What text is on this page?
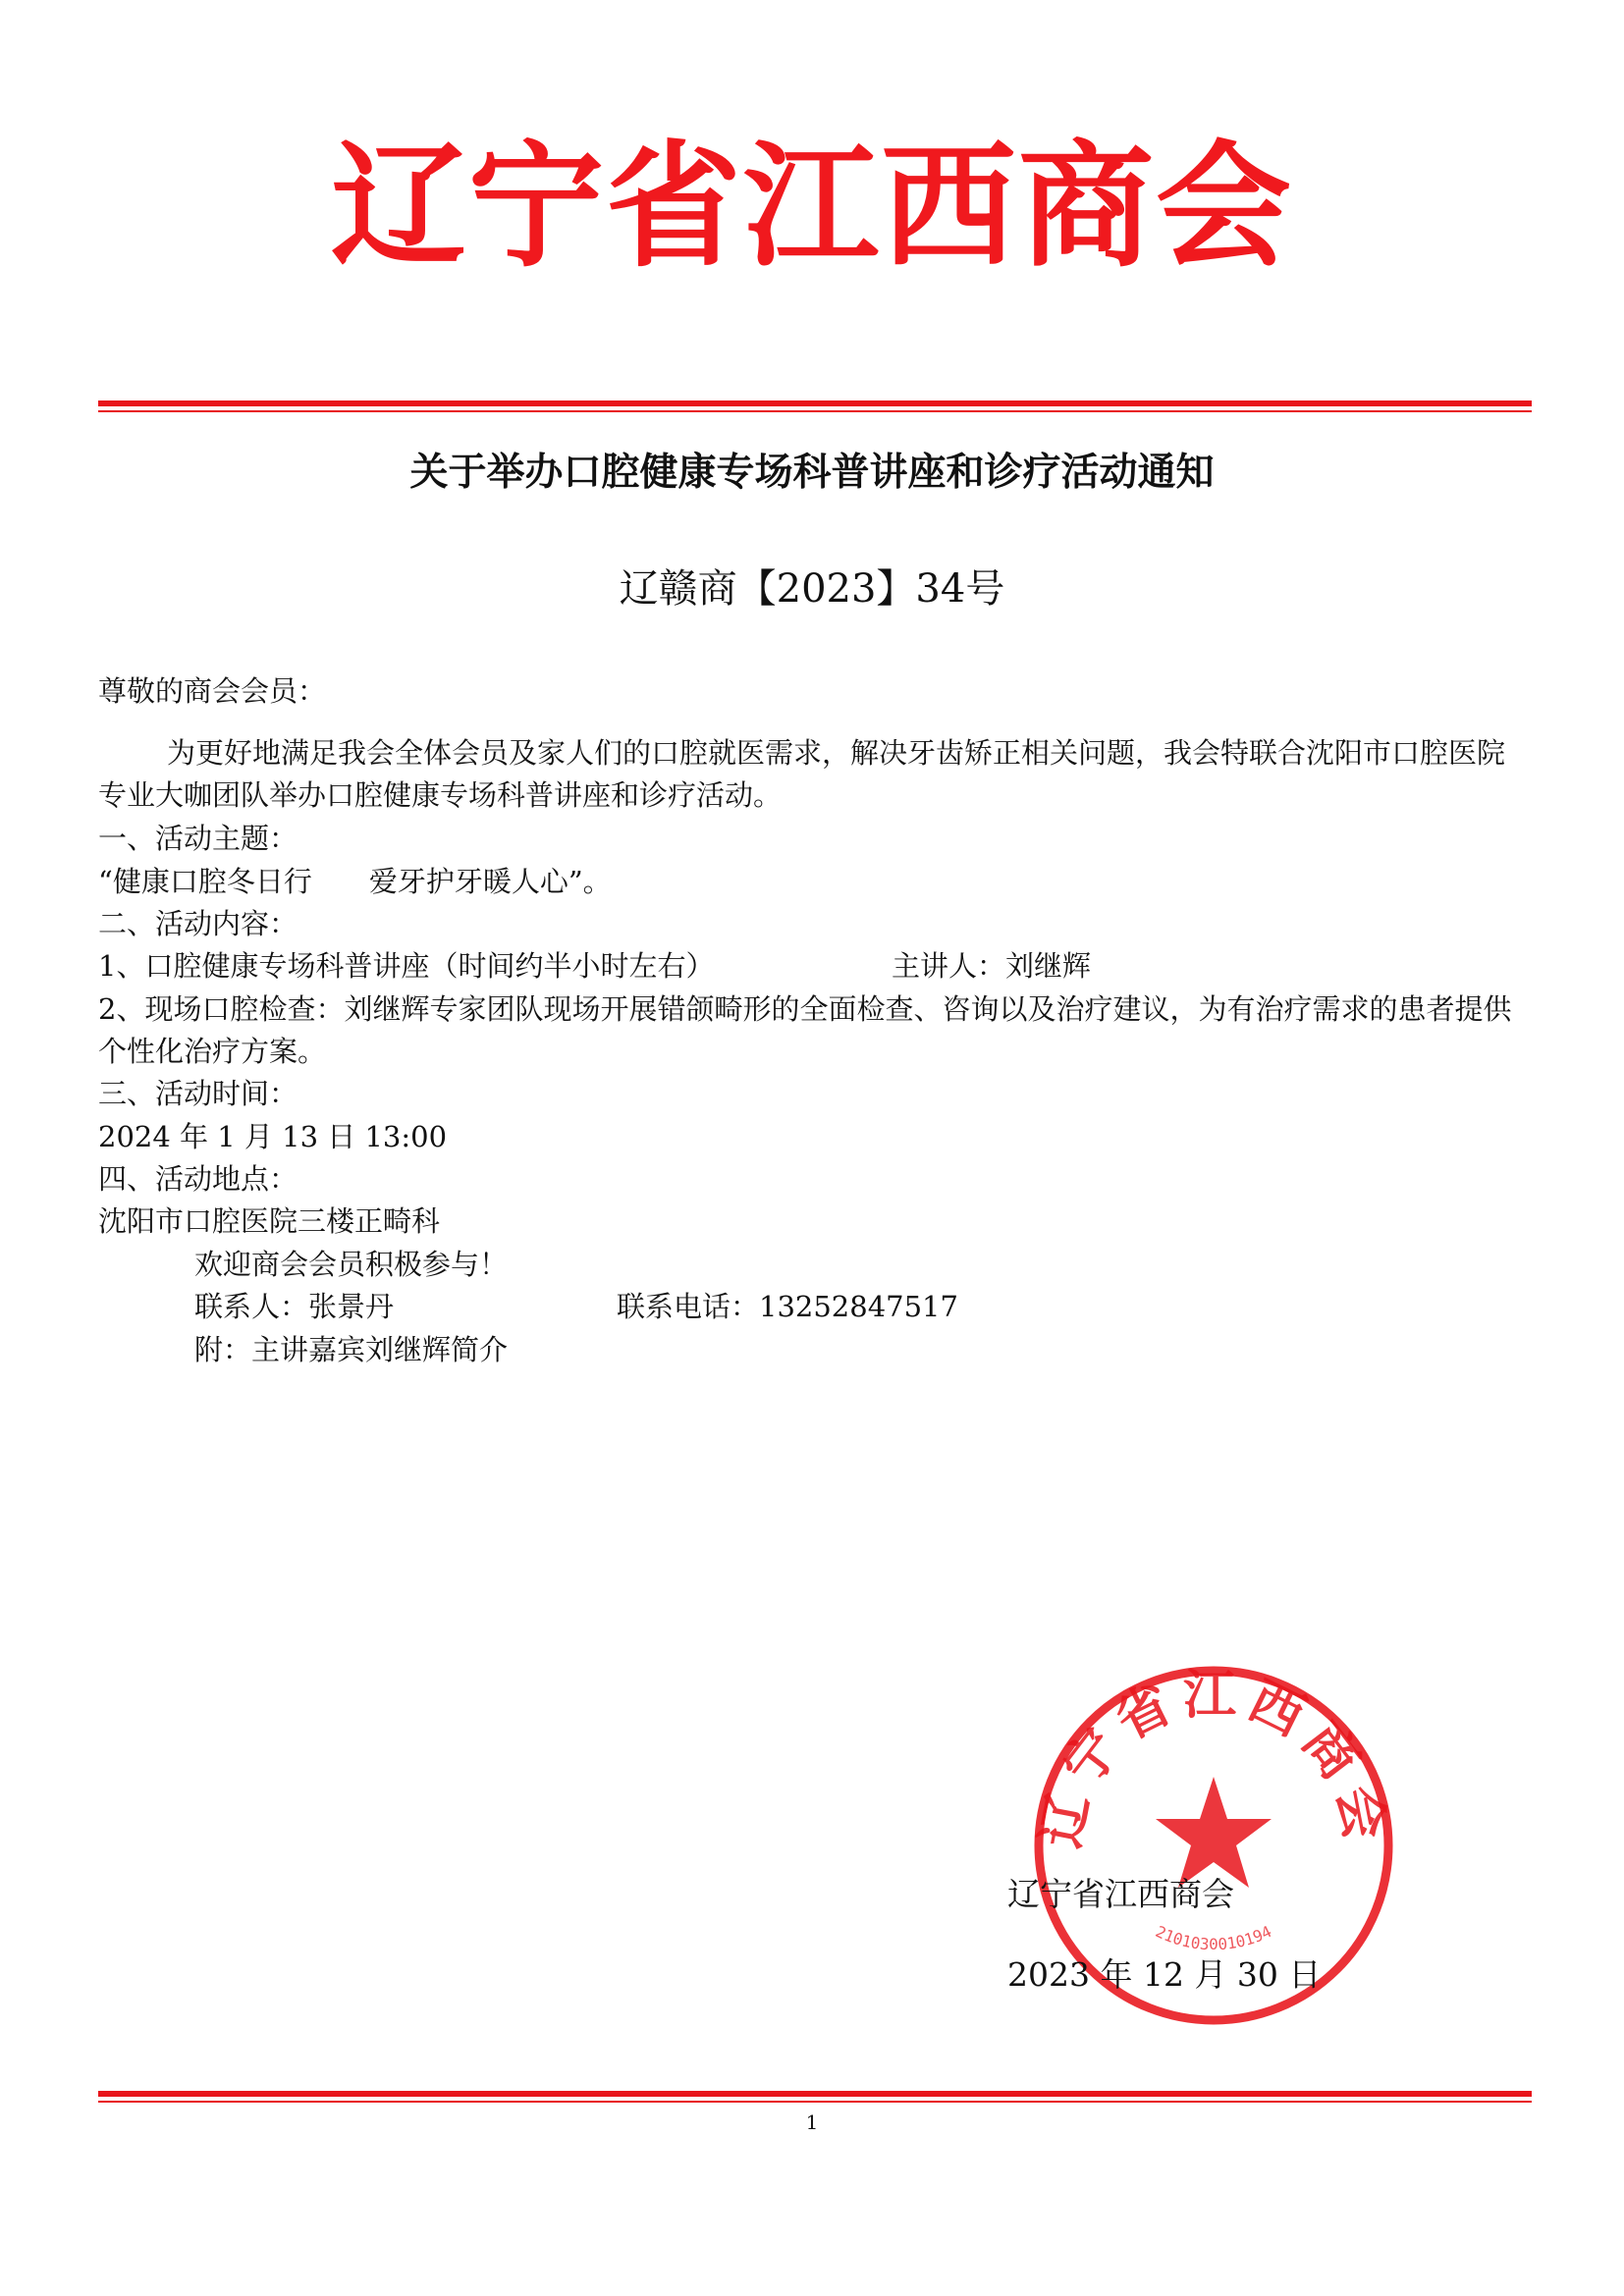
辽宁省江西商会
关于举办口腔健康专场科普讲座和诊疗活动通知
辽赣商【2023】34号
尊敬的商会会员：
为更好地满足我会全体会员及家人们的口腔就医需求，解决牙齿矫正相关问题，我会特联合沈阳市口腔医院专业大咖团队举办口腔健康专场科普讲座和诊疗活动。
一、活动主题：
“健康口腔冬日行　　爱牙护牙暖人心”。
二、活动内容：
1、口腔健康专场科普讲座（时间约半小时左右）	主讲人：刘继辉
2、现场口腔检查：刘继辉专家团队现场开展错颌畸形的全面检查、咨询以及治疗建议，为有治疗需求的患者提供个性化治疗方案。
三、活动时间：
2024 年 1 月 13 日 13:00
四、活动地点：
沈阳市口腔医院三楼正畸科
欢迎商会会员积极参与！
联系人：张景丹	联系电话：13252847517
附：主讲嘉宾刘继辉简介
辽宁省江西商会
2101030010194
辽宁省江西商会
2023 年 12 月 30 日
1
